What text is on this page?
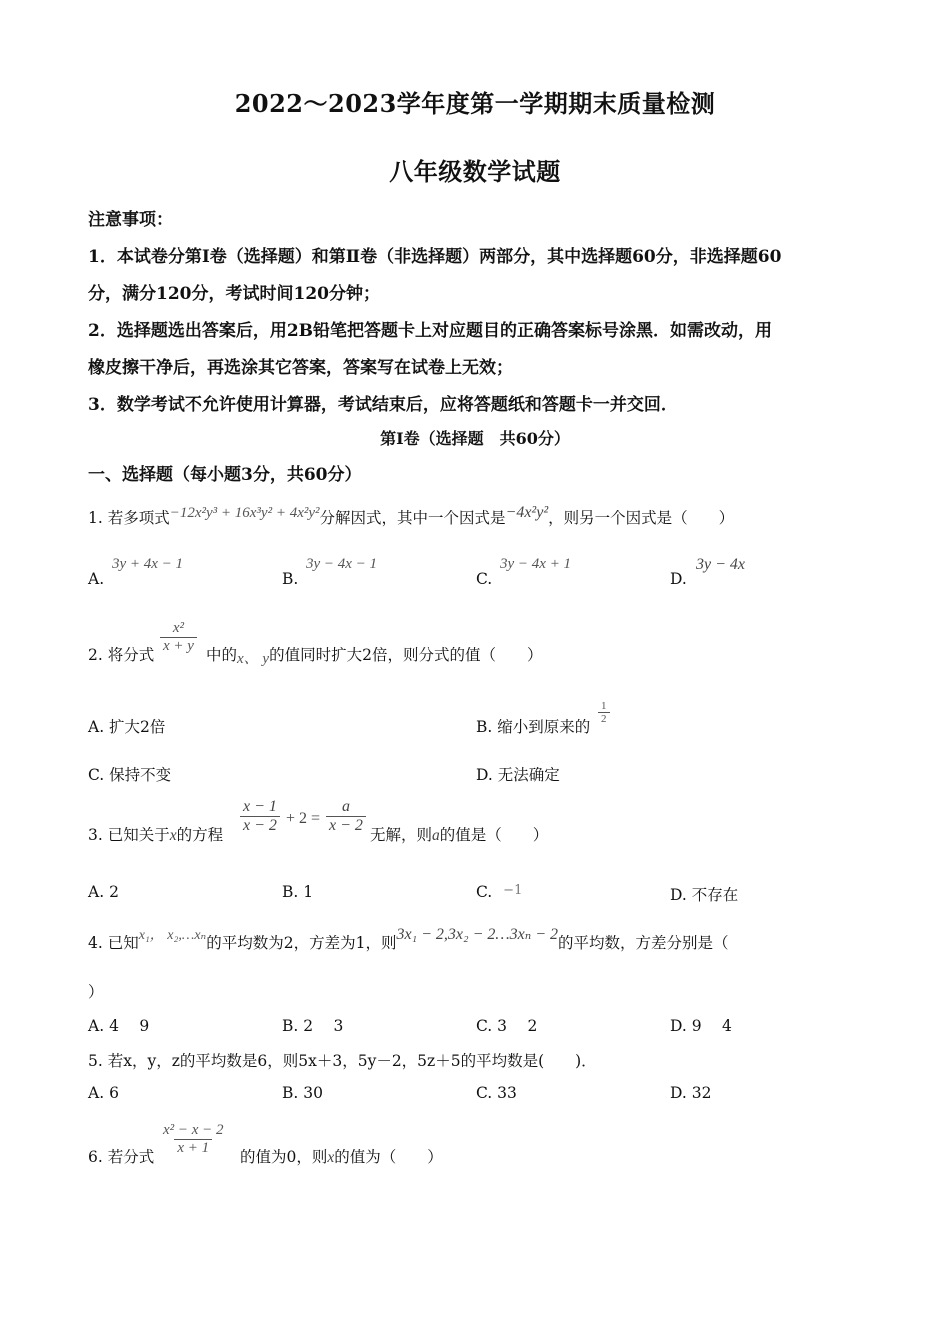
2022～2023学年度第一学期期末质量检测
八年级数学试题
注意事项：
1．本试卷分第Ⅰ卷（选择题）和第Ⅱ卷（非选择题）两部分，其中选择题60分，非选择题60
分，满分120分，考试时间120分钟；
2．选择题选出答案后，用2B铅笔把答题卡上对应题目的正确答案标号涂黑．如需改动，用
橡皮擦干净后，再选涂其它答案，答案写在试卷上无效；
3．数学考试不允许使用计算器，考试结束后，应将答题纸和答题卡一并交回．
第Ⅰ卷（选择题　共60分）
一、选择题（每小题3分，共60分）
1. 若多项式−12x²y³ + 16x³y² + 4x²y²分解因式，其中一个因式是−4x²y²，则另一个因式是（　　）
A.
3y + 4x − 1
B.
3y − 4x − 1
C.
3y − 4x + 1
D.
3y − 4x
2. 将分式 $\frac{\text{x²}}{x + y}$ 中的x、 y的值同时扩大2倍，则分式的值（　　）
A. 扩大2倍	B. 缩小到原来的
$\frac{1}{2}$
C. 保持不变	D. 无法确定
3. 已知关于x的方程 $\frac{x - 1}{x - 2} + 2 = \frac{a}{x - 2}$ 无解，则a的值是（　　）
A. 2	B. 1	C. −1	D. 不存在
4. 已知x₁， x₂,…xₙ的平均数为2，方差为1，则3x₁ − 2,3x₂ − 2…3xₙ − 2的平均数，方差分别是（
）
A. 4　 9	B. 2　 3	C. 3　 2	D. 9　 4
5. 若x，y，z的平均数是6，则5x＋3，5y－2，5z＋5的平均数是(　　)．
A. 6	B. 30	C. 33	D. 32
6. 若分式 $\frac{\text{x² − x − 2}}{x + 1}$ 的值为0，则x的值为（　　）
